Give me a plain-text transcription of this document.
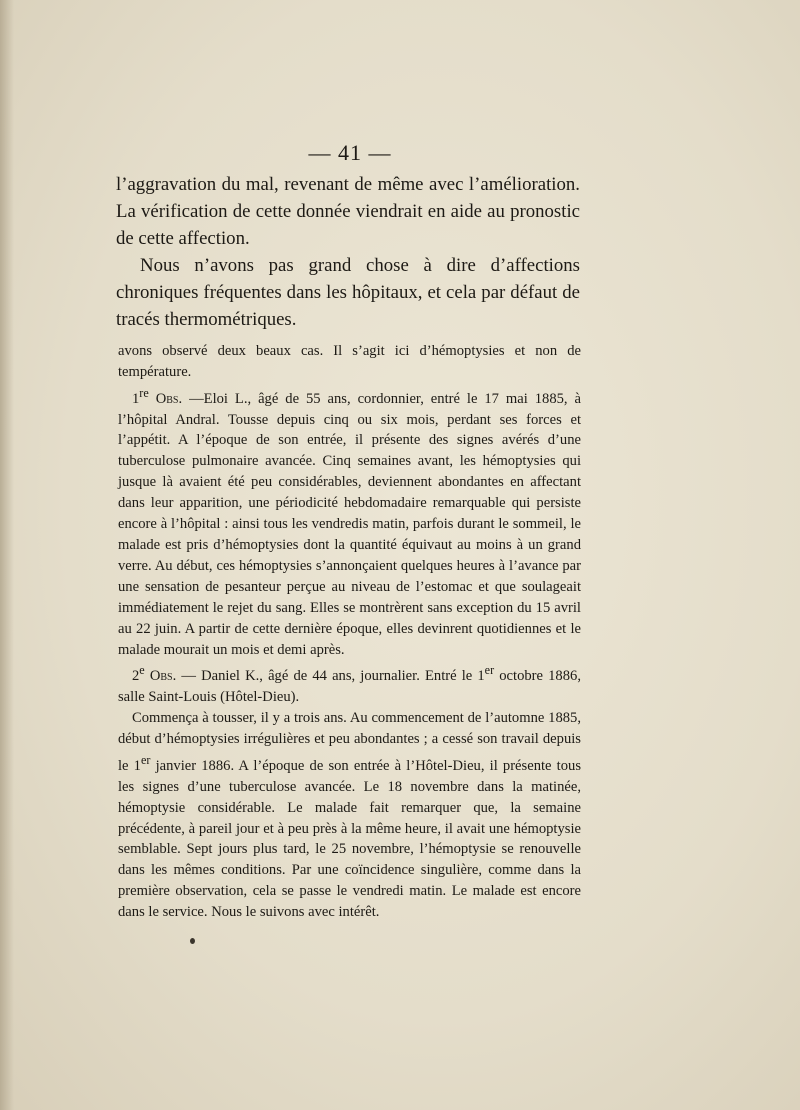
— 41 —

l’aggravation du mal, revenant de même avec l’amélioration. La vérification de cette donnée viendrait en aide au pronostic de cette affection.

Nous n’avons pas grand chose à dire d’affections chroniques fréquentes dans les hôpitaux, et cela par défaut de tracés thermométriques.

avons observé deux beaux cas. Il s’agit ici d’hémoptysies et non de température.

1re Obs. —Eloi L., âgé de 55 ans, cordonnier, entré le 17 mai 1885, à l’hôpital Andral. Tousse depuis cinq ou six mois, perdant ses forces et l’appétit. A l’époque de son entrée, il présente des signes avérés d’une tuberculose pulmonaire avancée. Cinq semaines avant, les hémoptysies qui jusque là avaient été peu considérables, deviennent abondantes en affectant dans leur apparition, une périodicité hebdomadaire remarquable qui persiste encore à l’hôpital : ainsi tous les vendredis matin, parfois durant le sommeil, le malade est pris d’hémoptysies dont la quantité équivaut au moins à un grand verre. Au début, ces hémoptysies s’annonçaient quelques heures à l’avance par une sensation de pesanteur perçue au niveau de l’estomac et que soulageait immédiatement le rejet du sang. Elles se montrèrent sans exception du 15 avril au 22 juin. A partir de cette dernière époque, elles devinrent quotidiennes et le malade mourait un mois et demi après.

2e Obs. — Daniel K., âgé de 44 ans, journalier. Entré le 1er octobre 1886, salle Saint-Louis (Hôtel-Dieu).

Commença à tousser, il y a trois ans. Au commencement de l’automne 1885, début d’hémoptysies irrégulières et peu abondantes ; a cessé son travail depuis le 1er janvier 1886. A l’époque de son entrée à l’Hôtel-Dieu, il présente tous les signes d’une tuberculose avancée. Le 18 novembre dans la matinée, hémoptysie considérable. Le malade fait remarquer que, la semaine précédente, à pareil jour et à peu près à la même heure, il avait une hémoptysie semblable. Sept jours plus tard, le 25 novembre, l’hémoptysie se renouvelle dans les mêmes conditions. Par une coïncidence singulière, comme dans la première observation, cela se passe le vendredi matin. Le malade est encore dans le service. Nous le suivons avec intérêt.
